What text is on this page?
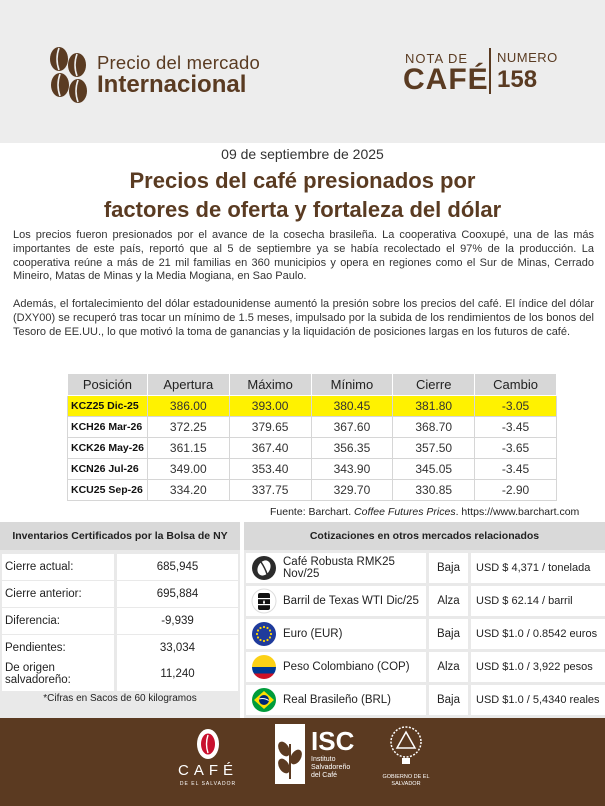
Precio del mercado
Internacional
NOTA DE
CAFÉ
NUMERO
158
09 de septiembre de 2025
Precios del café presionados por
factores de oferta y fortaleza del dólar

Los precios fueron presionados por el avance de la cosecha brasileña. La cooperativa Cooxupé, una de las más importantes de este país, reportó que al 5 de septiembre ya se había recolectado el 97% de la producción. La cooperativa reúne a más de 21 mil familias en 360 municipios y opera en regiones como el Sur de Minas, Cerrado Mineiro, Matas de Minas y la Media Mogiana, en Sao Paulo.

Además, el fortalecimiento del dólar estadounidense aumentó la presión sobre los precios del café. El índice del dólar (DXY00) se recuperó tras tocar un mínimo de 1.5 meses, impulsado por la subida de los rendimientos de los bonos del Tesoro de EE.UU., lo que motivó la toma de ganancias y la liquidación de posiciones largas en los futuros de café.

Posición	Apertura	Máximo	Mínimo	Cierre	Cambio
KCZ25 Dic-25	386.00	393.00	380.45	381.80	-3.05
KCH26 Mar-26	372.25	379.65	367.60	368.70	-3.45
KCK26 May-26	361.15	367.40	356.35	357.50	-3.65
KCN26 Jul-26	349.00	353.40	343.90	345.05	-3.45
KCU25 Sep-26	334.20	337.75	329.70	330.85	-2.90
Fuente: Barchart. Coffee Futures Prices. https://www.barchart.com
Inventarios Certificados por la Bolsa de NY
Cierre actual:	685,945
Cierre anterior:	695,884
Diferencia:	-9,939
Pendientes:	33,034
De origen salvadoreño:	11,240
*Cifras en Sacos de 60 kilogramos
Cotizaciones en otros mercados relacionados
Café Robusta RMK25 Nov/25	Baja	USD $ 4,371 / tonelada
Barril de Texas WTI Dic/25	Alza	USD $ 62.14 / barril
Euro (EUR)	Baja	USD $1.0 / 0.8542 euros
Peso Colombiano (COP)	Alza	USD $1.0 / 3,922 pesos
Real Brasileño (BRL)	Baja	USD $1.0 / 5,4340 reales
CAFÉ
DE EL SALVADOR
ISC
Instituto Salvadoreño del Café	GOBIERNO DE EL SALVADOR
